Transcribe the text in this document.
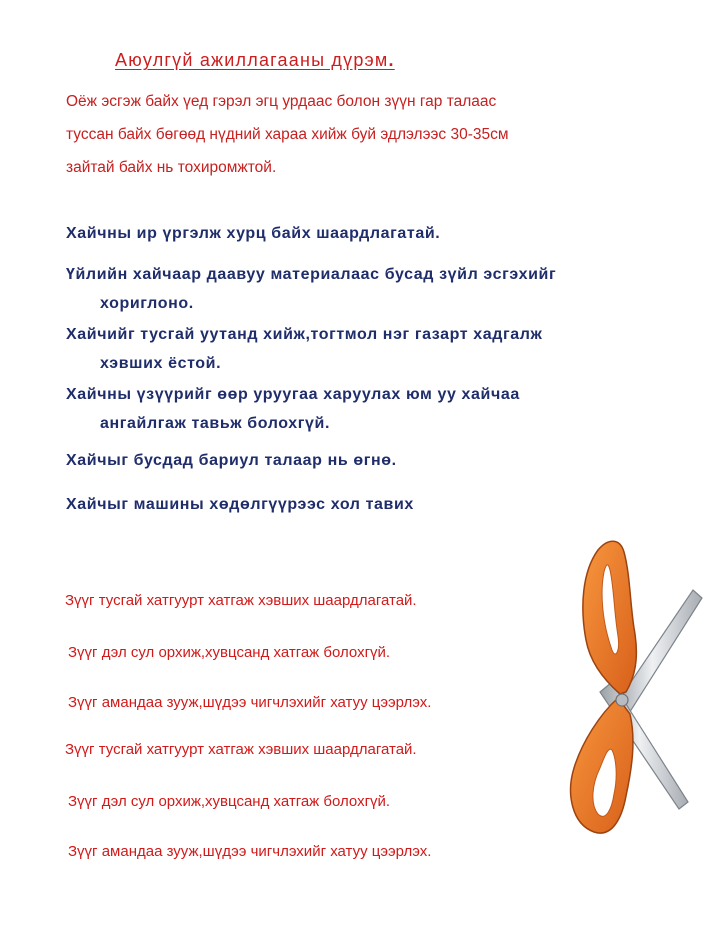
Аюулгүй ажиллагааны дүрэм.
Оёж эсгэж байх үед гэрэл эгц урдаас болон зүүн гар талаас
туссан байх бөгөөд нүдний хараа хийж буй эдлэлээс 30-35см
зайтай байх нь тохиромжтой.
Хайчны ир үргэлж хурц байх шаардлагатай.
Үйлийн хайчаар даавуу материалаас бусад зүйл эсгэхийг
хориглоно.
Хайчийг тусгай уутанд хийж,тогтмол нэг газарт хадгалж
хэвших ёстой.
Хайчны үзүүрийг өөр уруугаа харуулах юм уу хайчаа
ангайлгаж тавьж болохгүй.
Хайчыг бусдад бариул талаар нь өгнө.
Хайчыг машины хөдөлгүүрээс хол тавих
Зүүг тусгай хатгуурт хатгаж хэвших шаардлагатай.
Зүүг дэл сул орхиж,хувцсанд хатгаж болохгүй.
Зүүг амандаа зууж,шүдээ чигчлэхийг хатуу цээрлэх.
Зүүг тусгай хатгуурт хатгаж хэвших шаардлагатай.
Зүүг дэл сул орхиж,хувцсанд хатгаж болохгүй.
Зүүг амандаа зууж,шүдээ чигчлэхийг хатуу цээрлэх.
